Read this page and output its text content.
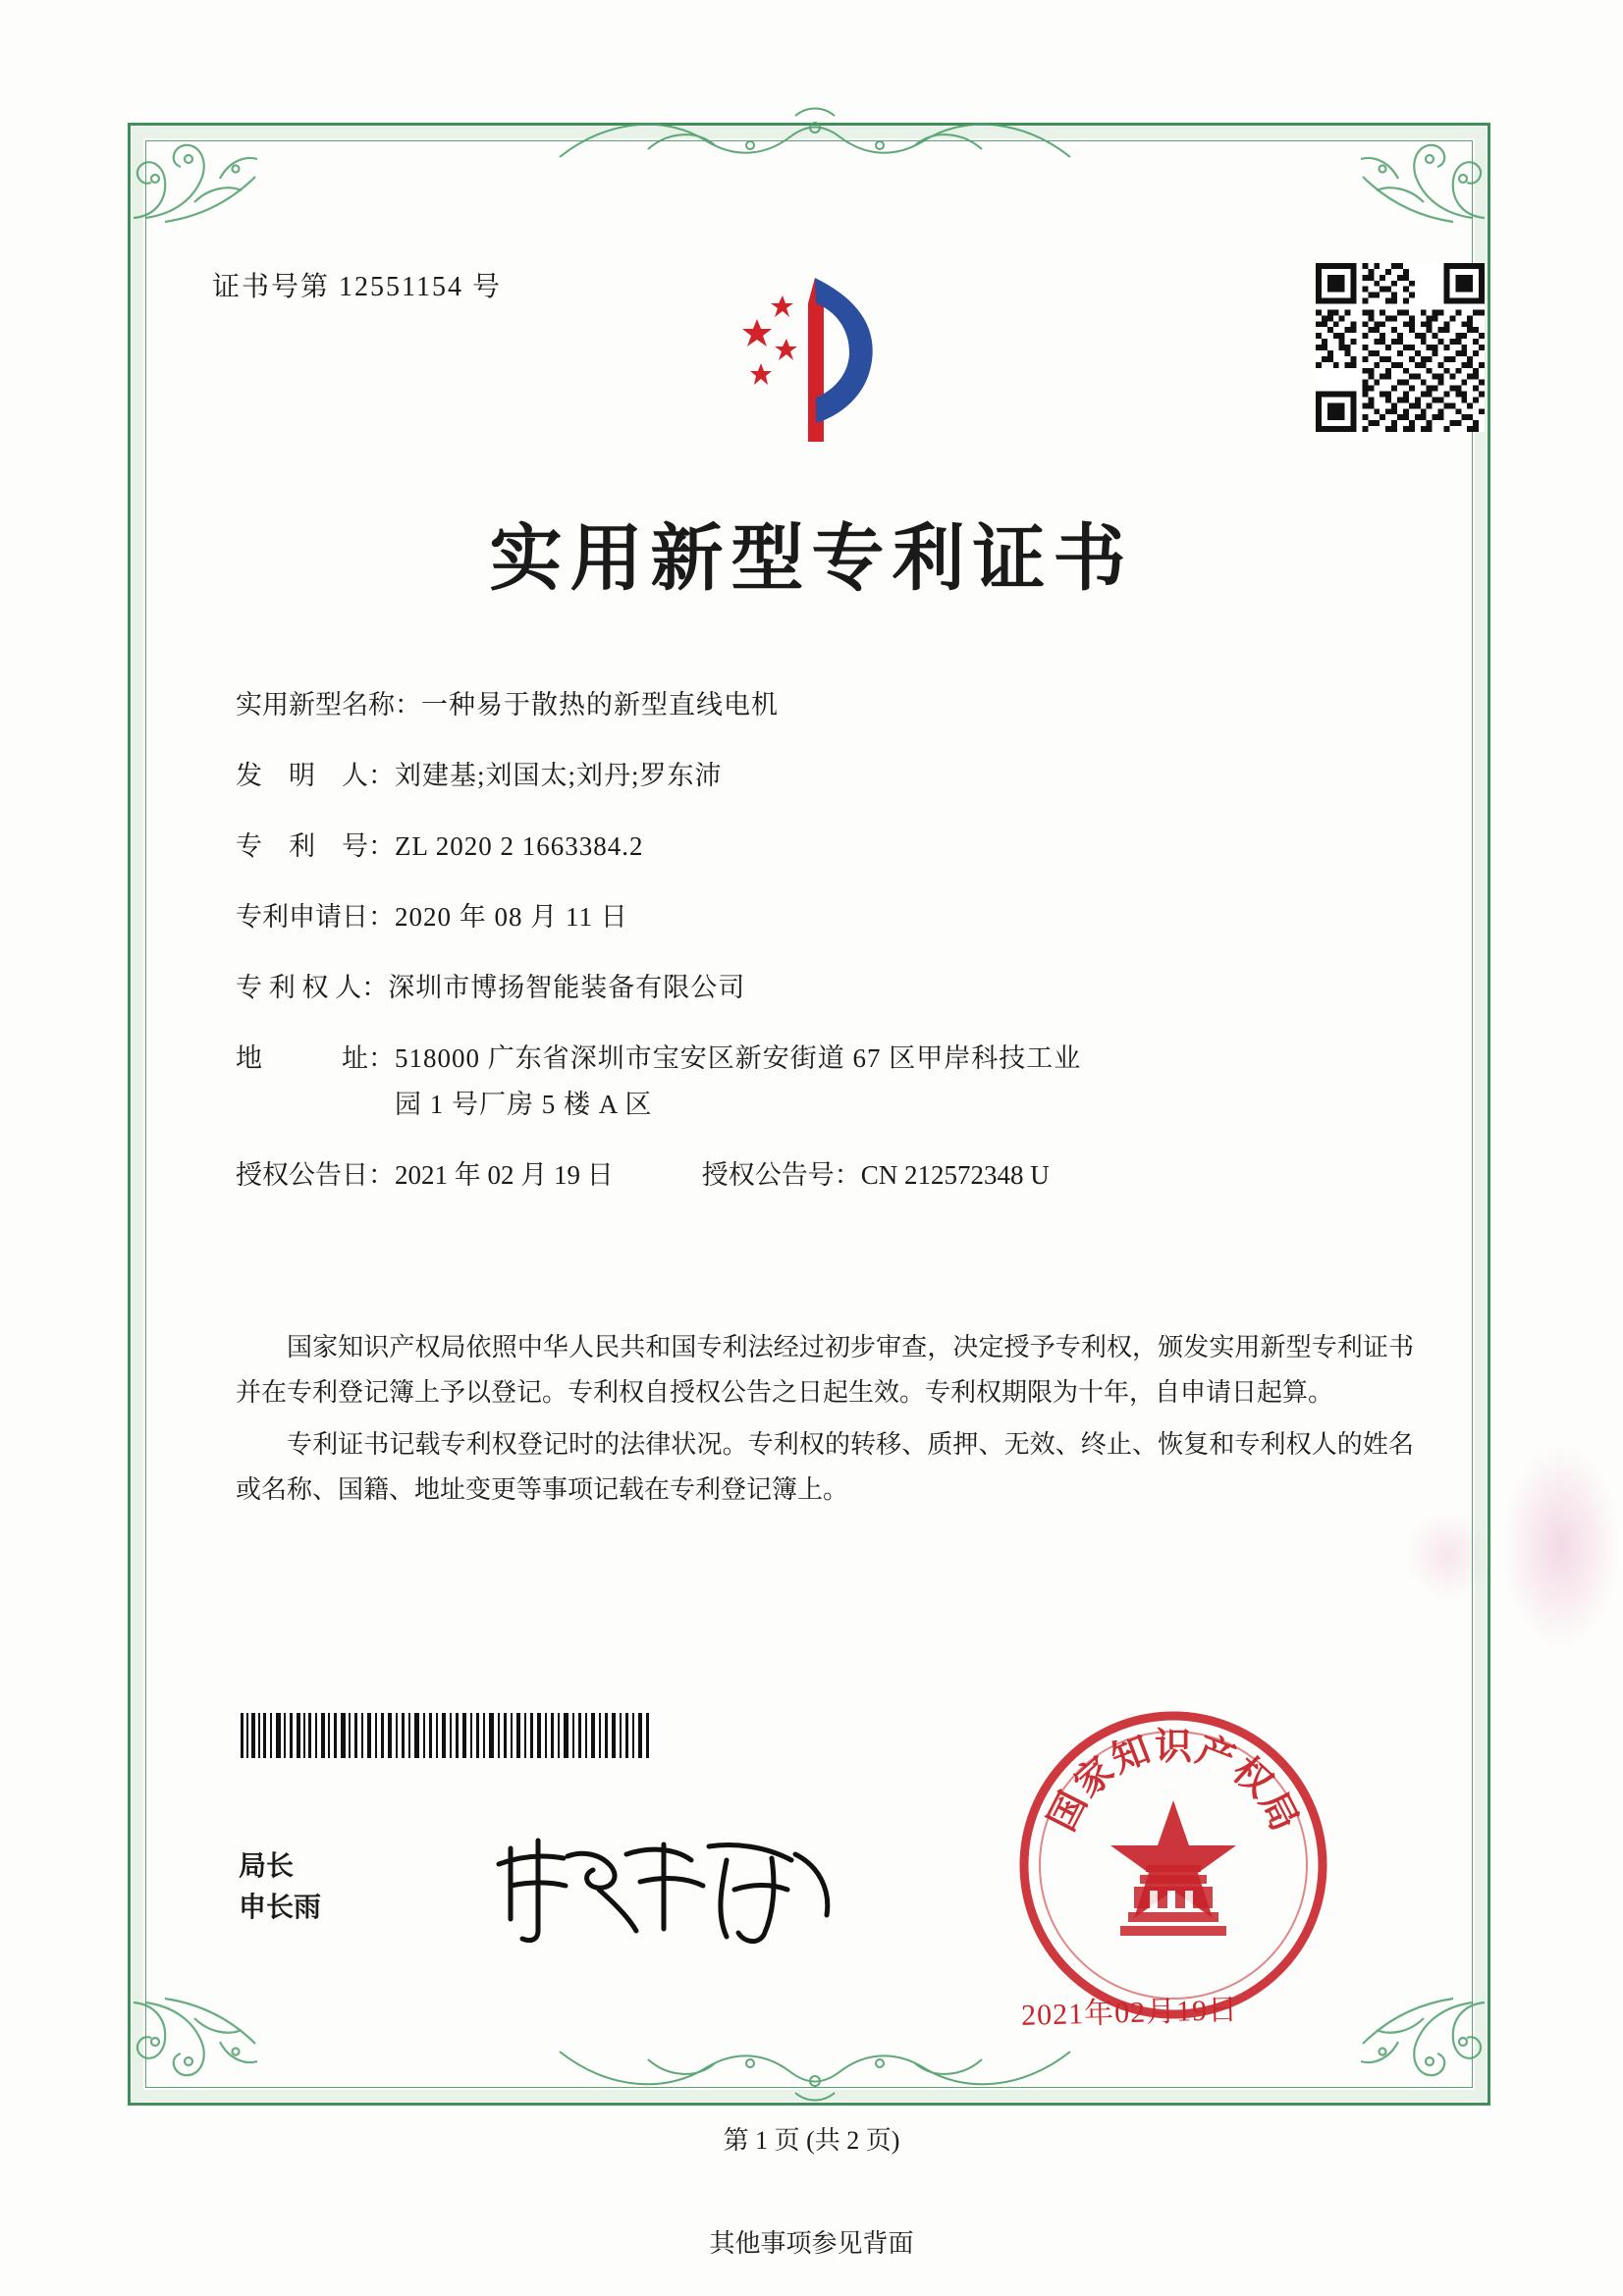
证书号第 12551154 号
实用新型专利证书
实用新型名称： 一种易于散热的新型直线电机
发　明　人： 刘建基;刘国太;刘丹;罗东沛
专　利　号： ZL 2020 2 1663384.2
专利申请日： 2020 年 08 月 11 日
专 利 权 人： 深圳市博扬智能装备有限公司
地　　　址： 518000 广东省深圳市宝安区新安街道 67 区甲岸科技工业
园 1 号厂房 5 楼 A 区
授权公告日： 2021 年 02 月 19 日	授权公告号： CN 212572348 U

国家知识产权局依照中华人民共和国专利法经过初步审查，决定授予专利权，颁发实用新型专利证书并在专利登记簿上予以登记。专利权自授权公告之日起生效。专利权期限为十年，自申请日起算。

专利证书记载专利权登记时的法律状况。专利权的转移、质押、无效、终止、恢复和专利权人的姓名或名称、国籍、地址变更等事项记载在专利登记簿上。

局长
申长雨
国
家
知
识
产
权
局
2021年02月19日
第 1 页 (共 2 页)
其他事项参见背面
